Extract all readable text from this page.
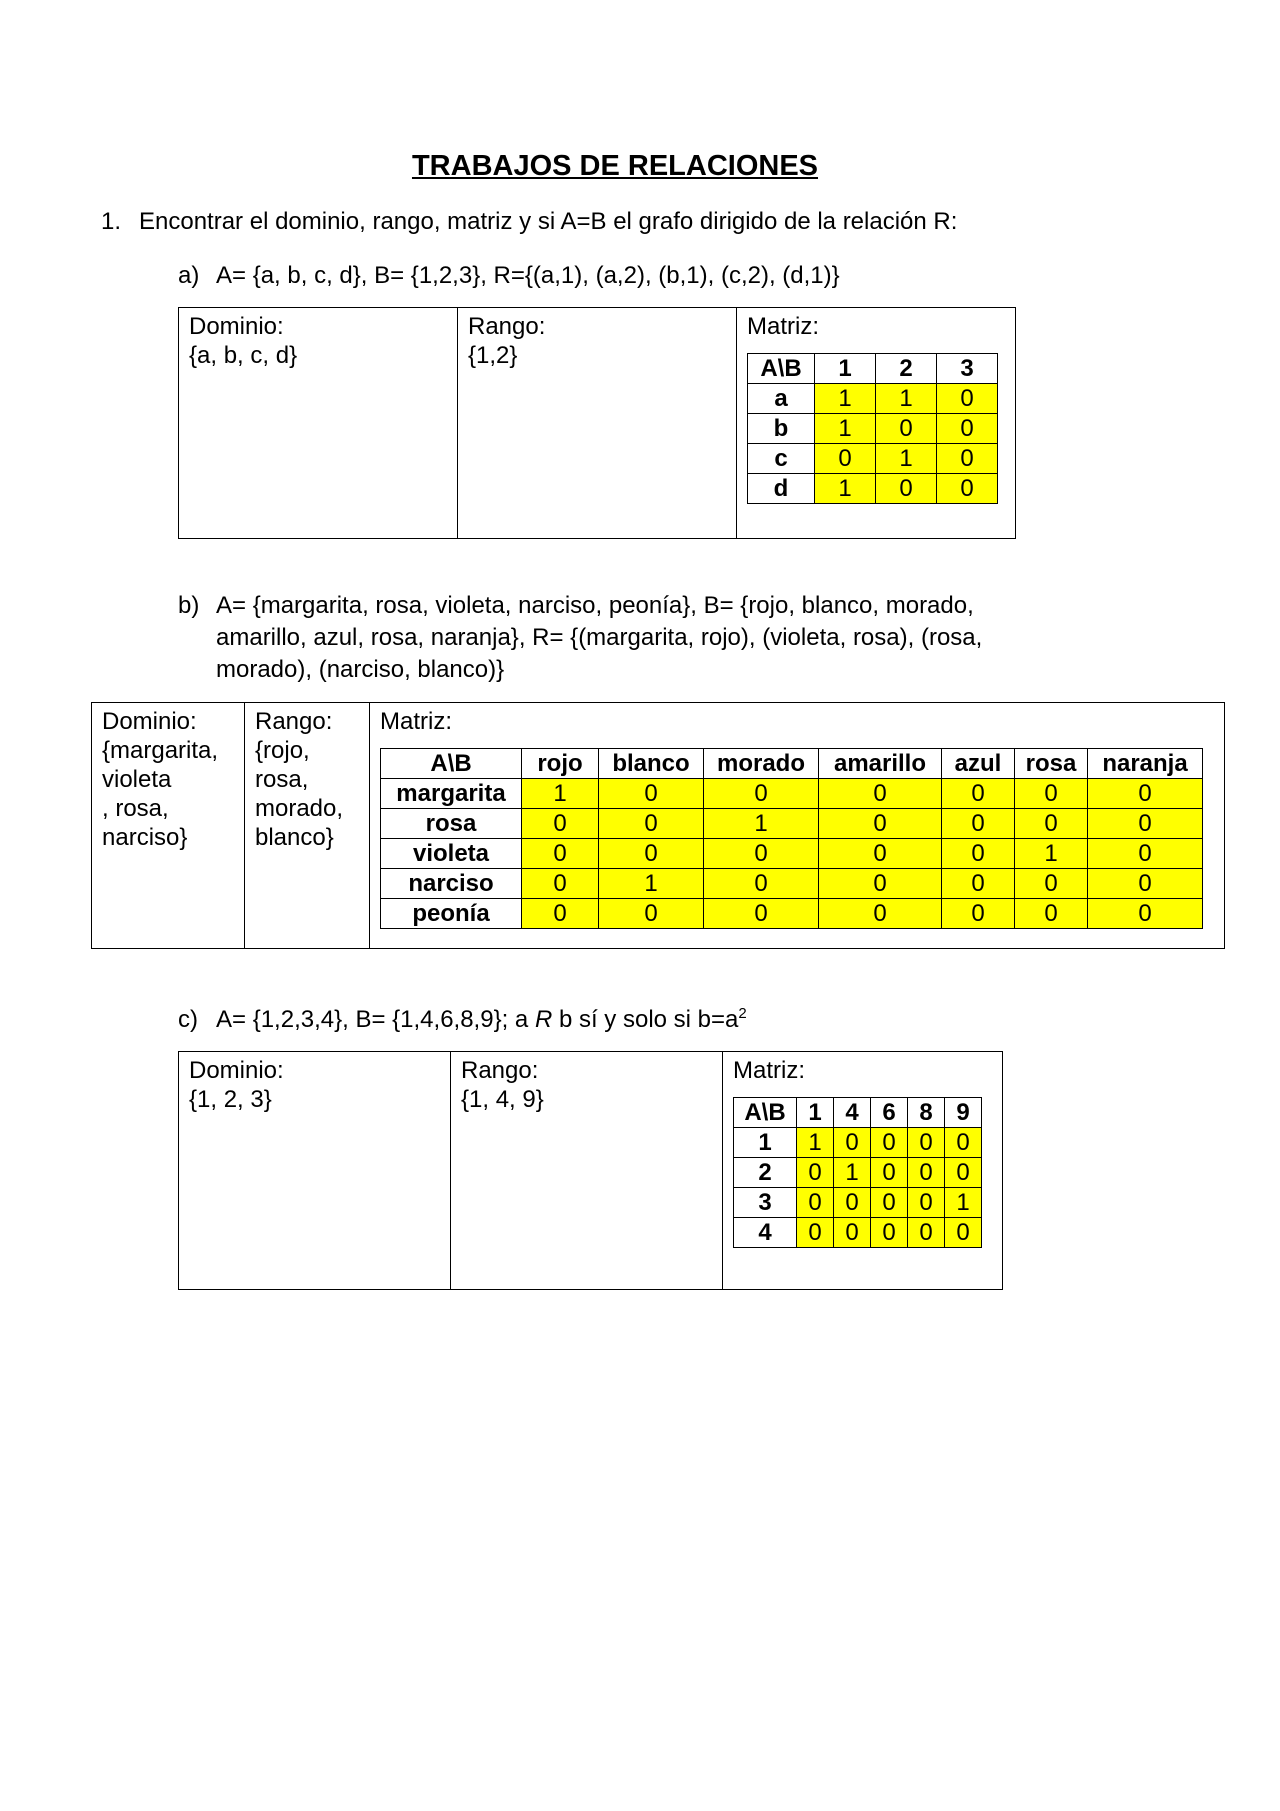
TRABAJOS DE RELACIONES
1. Encontrar el dominio, rango, matriz y si A=B el grafo dirigido de la relación R:
a) A= {a, b, c, d}, B= {1,2,3}, R={(a,1), (a,2), (b,1), (c,2), (d,1)}
Dominio:
{a, b, c, d}

Rango:
{1,2}

Matriz:
A\B	1	2	3
a	1	1	0
b	1	0	0
c	0	1	0
d	1	0	0
b) A= {margarita, rosa, violeta, narciso, peonía}, B= {rojo, blanco, morado,
amarillo, azul, rosa, naranja}, R= {(margarita, rojo), (violeta, rosa), (rosa,
morado), (narciso, blanco)}
Dominio:
{margarita,
violeta
, rosa,
narciso}

Rango:
{rojo,
rosa,
morado,
blanco}

Matriz:
A\B	rojo	blanco	morado	amarillo	azul	rosa	naranja
margarita	1	0	0	0	0	0	0
rosa	0	0	1	0	0	0	0
violeta	0	0	0	0	0	1	0
narciso	0	1	0	0	0	0	0
peonía	0	0	0	0	0	0	0
c) A= {1,2,3,4}, B= {1,4,6,8,9}; a R b sí y solo si $b=a^2$
Dominio:
{1, 2, 3}

Rango:
{1, 4, 9}

Matriz:
A\B	1	4	6	8	9
1	1	0	0	0	0
2	0	1	0	0	0
3	0	0	0	0	1
4	0	0	0	0	0
